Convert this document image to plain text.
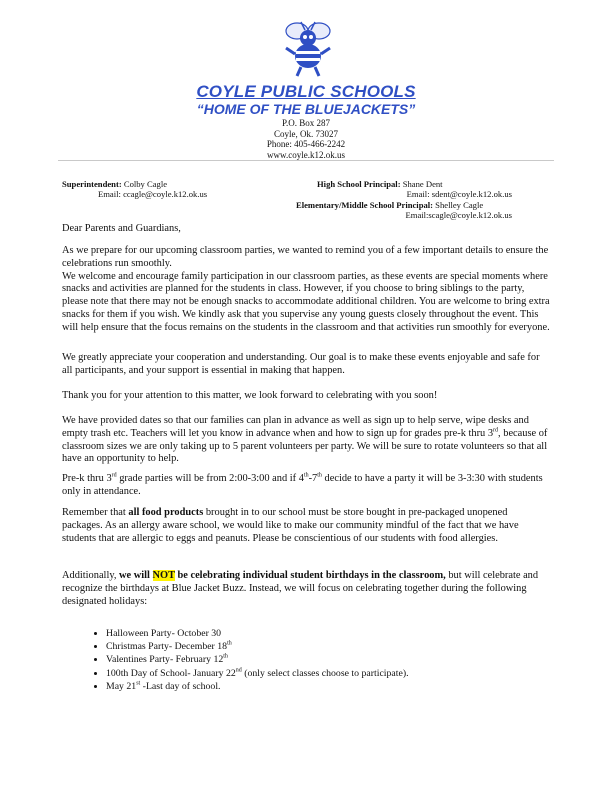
COYLE PUBLIC SCHOOLS
“HOME OF THE BLUEJACKETS”
P.O. Box 287
Coyle, Ok. 73027
Phone: 405-466-2242
www.coyle.k12.ok.us
Superintendent: Colby Cagle
Email: ccagle@coyle.k12.ok.us
High School Principal: Shane Dent
Email: sdent@coyle.k12.ok.us
Elementary/Middle School Principal: Shelley Cagle
Email:scagle@coyle.k12.ok.us
Dear Parents and Guardians,
As we prepare for our upcoming classroom parties, we wanted to remind you of a few important details to ensure the celebrations run smoothly.
We welcome and encourage family participation in our classroom parties, as these events are special moments where snacks and activities are planned for the students in class. However, if you choose to bring siblings to the party, please note that there may not be enough snacks to accommodate additional children. You are welcome to bring extra snacks for them if you wish. We kindly ask that you supervise any young guests closely throughout the event. This will help ensure that the focus remains on the students in the classroom and that activities run smoothly for everyone.
We greatly appreciate your cooperation and understanding. Our goal is to make these events enjoyable and safe for all participants, and your support is essential in making that happen.
Thank you for your attention to this matter, we look forward to celebrating with you soon!
We have provided dates so that our families can plan in advance as well as sign up to help serve, wipe desks and empty trash etc. Teachers will let you know in advance when and how to sign up for grades pre-k thru 3rd, because of classroom sizes we are only taking up to 5 parent volunteers per party. We will be sure to rotate volunteers so that all have an opportunity to help.
Pre-k thru 3rd grade parties will be from 2:00-3:00 and if 4th-7th decide to have a party it will be 3-3:30 with students only in attendance.
Remember that all food products brought in to our school must be store bought in pre-packaged unopened packages. As an allergy aware school, we would like to make our community mindful of the fact that we have students that are allergic to eggs and peanuts. Please be conscientious of our students with food allergies.
Additionally, we will NOT be celebrating individual student birthdays in the classroom, but will celebrate and recognize the birthdays at Blue Jacket Buzz. Instead, we will focus on celebrating together during the following designated holidays:
• Halloween Party- October 30
• Christmas Party- December 18th
• Valentines Party- February 12th
• 100th Day of School- January 22nd (only select classes choose to participate).
• May 21st -Last day of school.
